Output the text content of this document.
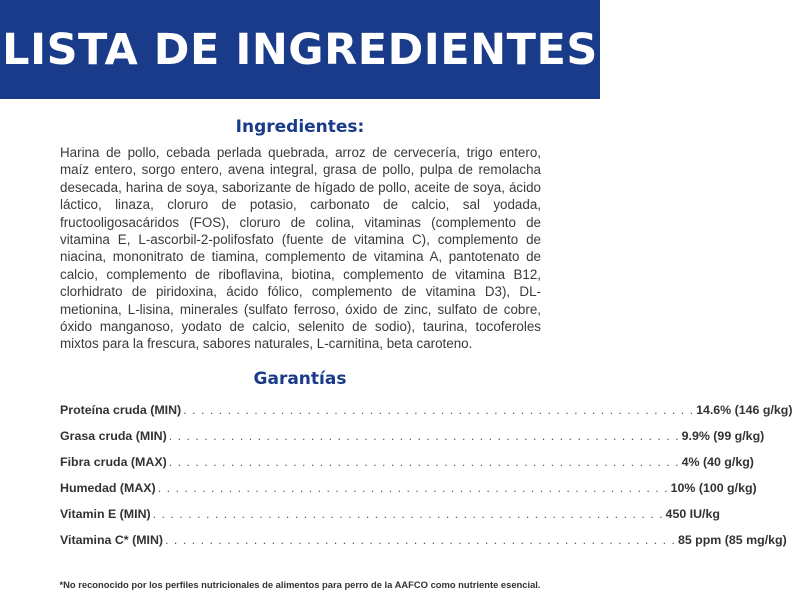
LISTA DE INGREDIENTES
Ingredientes:

Harina de pollo, cebada perlada quebrada, arroz de cervecería, trigo entero, maíz entero, sorgo entero, avena integral, grasa de pollo, pulpa de remolacha desecada, harina de soya, saborizante de hígado de pollo, aceite de soya, ácido láctico, linaza, cloruro de potasio, carbonato de calcio, sal yodada, fructooligosacáridos (FOS), cloruro de colina, vitaminas (complemento de vitamina E, L-ascorbil-2-polifosfato (fuente de vitamina C), complemento de niacina, mononitrato de tiamina, complemento de vitamina A, pantotenato de calcio, complemento de riboflavina, biotina, complemento de vitamina B12, clorhidrato de piridoxina, ácido fólico, complemento de vitamina D3), DL-metionina, L-lisina, minerales (sulfato ferroso, óxido de zinc, sulfato de cobre, óxido manganoso, yodato de calcio, selenito de sodio), taurina, tocoferoles mixtos para la frescura, sabores naturales, L-carnitina, beta caroteno.

Garantías
Proteína cruda (MIN) . . . . . . . . . . . . . . . . . . . . . . . . . . . . . . . . . . . . . . . . . . . . . . . . . . . . . . . . . . 14.6% (146 g/kg)
Grasa cruda (MIN) . . . . . . . . . . . . . . . . . . . . . . . . . . . . . . . . . . . . . . . . . . . . . . . . . . . . . . . . . . 9.9% (99 g/kg)
Fibra cruda (MAX) . . . . . . . . . . . . . . . . . . . . . . . . . . . . . . . . . . . . . . . . . . . . . . . . . . . . . . . . . . 4% (40 g/kg)
Humedad (MAX) . . . . . . . . . . . . . . . . . . . . . . . . . . . . . . . . . . . . . . . . . . . . . . . . . . . . . . . . . . 10% (100 g/kg)
Vitamin E (MIN) . . . . . . . . . . . . . . . . . . . . . . . . . . . . . . . . . . . . . . . . . . . . . . . . . . . . . . . . . . 450 IU/kg
Vitamina C* (MIN) . . . . . . . . . . . . . . . . . . . . . . . . . . . . . . . . . . . . . . . . . . . . . . . . . . . . . . . . . . 85 ppm (85 mg/kg)
*No reconocido por los perfiles nutricionales de alimentos para perro de la AAFCO como nutriente esencial.
